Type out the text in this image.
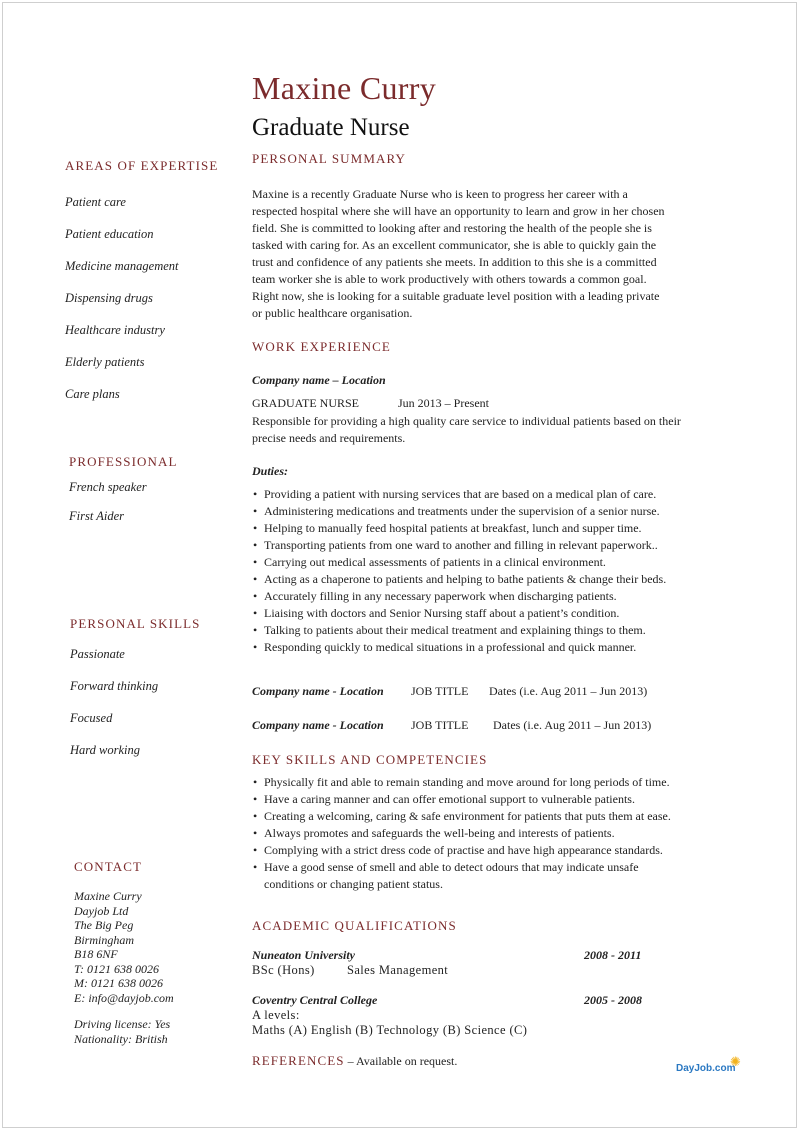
Maxine Curry
Graduate Nurse
AREAS OF EXPERTISE
Patient care
Patient education
Medicine management
Dispensing drugs
Healthcare industry
Elderly patients
Care plans
PROFESSIONAL
French speaker
First Aider
PERSONAL SKILLS
Passionate
Forward thinking
Focused
Hard working
CONTACT
Maxine Curry
Dayjob Ltd
The Big Peg
Birmingham
B18 6NF
T: 0121 638 0026
M: 0121 638 0026
E: info@dayjob.com
Driving license: Yes
Nationality: British
PERSONAL SUMMARY
Maxine is a recently Graduate Nurse who is keen to progress her career with a
respected hospital where she will have an opportunity to learn and grow in her chosen
field. She is committed to looking after and restoring the health of the people she is
tasked with caring for. As an excellent communicator, she is able to quickly gain the
trust and confidence of any patients she meets. In addition to this she is a committed
team worker she is able to work productively with others towards a common goal.
Right now, she is looking for a suitable graduate level position with a leading private
or public healthcare organisation.
WORK EXPERIENCE
Company name – Location
GRADUATE NURSE	Jun 2013 – Present
Responsible for providing a high quality care service to individual patients based on their
precise needs and requirements.
Duties:
• Providing a patient with nursing services that are based on a medical plan of care.
• Administering medications and treatments under the supervision of a senior nurse.
• Helping to manually feed hospital patients at breakfast, lunch and supper time.
• Transporting patients from one ward to another and filling in relevant paperwork..
• Carrying out medical assessments of patients in a clinical environment.
• Acting as a chaperone to patients and helping to bathe patients & change their beds.
• Accurately filling in any necessary paperwork when discharging patients.
• Liaising with doctors and Senior Nursing staff about a patient’s condition.
• Talking to patients about their medical treatment and explaining things to them.
• Responding quickly to medical situations in a professional and quick manner.
Company name - Location JOB TITLE Dates (i.e. Aug 2011 – Jun 2013)
Company name - Location JOB TITLE Dates (i.e. Aug 2011 – Jun 2013)
KEY SKILLS AND COMPETENCIES
• Physically fit and able to remain standing and move around for long periods of time.
• Have a caring manner and can offer emotional support to vulnerable patients.
• Creating a welcoming, caring & safe environment for patients that puts them at ease.
• Always promotes and safeguards the well-being and interests of patients.
• Complying with a strict dress code of practise and have high appearance standards.
• Have a good sense of smell and able to detect odours that may indicate unsafe
conditions or changing patient status.
ACADEMIC QUALIFICATIONS
Nuneaton University	2008 - 2011
BSc (Hons)	Sales Management
Coventry Central College	2005 - 2008
A levels:
Maths (A) English (B) Technology (B) Science (C)
REFERENCES – Available on request.
DayJob.com
✺
